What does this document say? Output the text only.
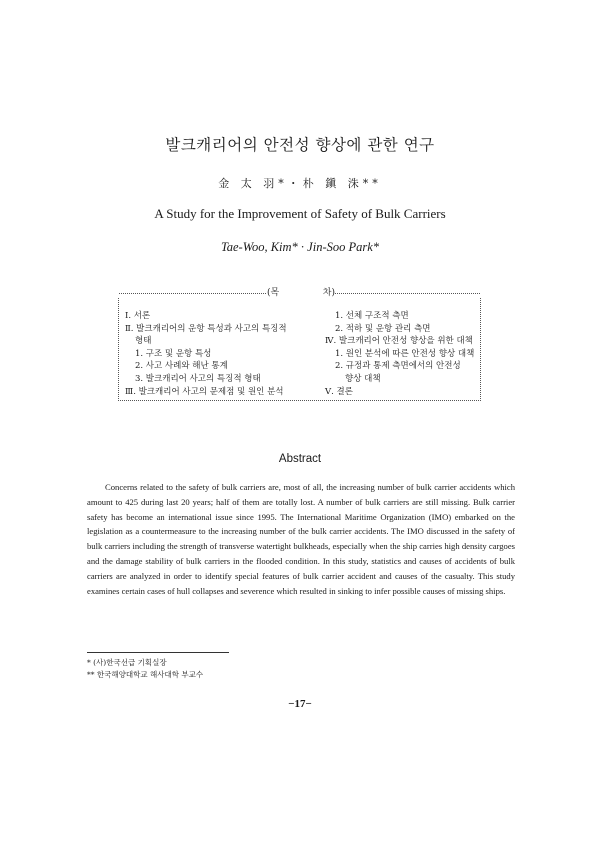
발크캐리어의 안전성 향상에 관한 연구
金 太 羽*・朴 鎭 洙**
A Study for the Improvement of Safety of Bulk Carriers
Tae-Woo, Kim* · Jin-Soo Park*
(목	차)
Ⅰ. 서론
Ⅱ. 발크캐리어의 운항 특성과 사고의 특징적
형태
1. 구조 및 운항 특성
2. 사고 사례와 해난 통계
3. 발크캐리어 사고의 특징적 형태
Ⅲ. 발크캐리어 사고의 문제점 및 원인 분석
1. 선체 구조적 측면
2. 적하 및 운항 관리 측면
Ⅳ. 발크캐리어 안전성 향상을 위한 대책
1. 원인 분석에 따른 안전성 향상 대책
2. 규정과 통제 측면에서의 안전성
향상 대책
Ⅴ. 결론
Abstract
Concerns related to the safety of bulk carriers are, most of all, the increasing number of bulk carrier accidents which amount to 425 during last 20 years; half of them are totally lost. A number of bulk carriers are still missing. Bulk carrier safety has become an international issue since 1995. The International Maritime Organization (IMO) embarked on the legislation as a countermeasure to the increasing number of the bulk carrier accidents. The IMO discussed in the safety of bulk carriers including the strength of transverse watertight bulkheads, especially when the ship carries high density cargoes and the damage stability of bulk carriers in the flooded condition. In this study, statistics and causes of accidents of bulk carriers are analyzed in order to identify special features of bulk carrier accident and causes of the casualty. This study examines certain cases of hull collapses and severence which resulted in sinking to infer possible causes of missing ships.
* (사)한국선급 기획실장
** 한국해양대학교 해사대학 부교수
−17−
